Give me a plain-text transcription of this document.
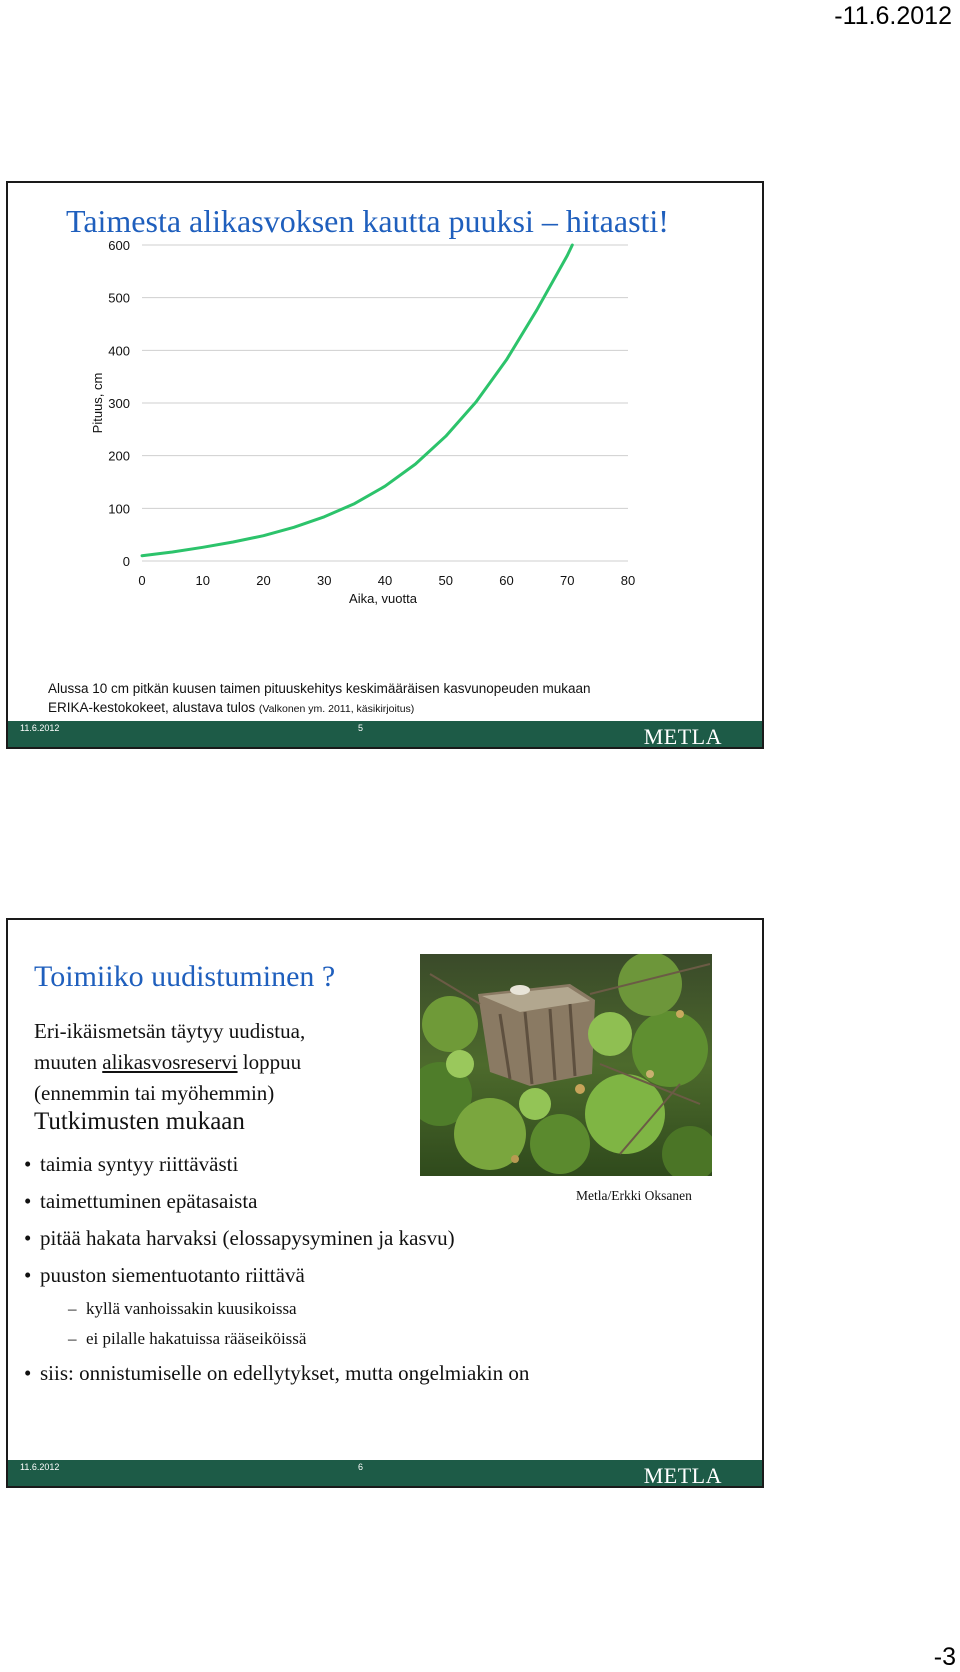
-11.6.2012
Taimesta alikasvoksen kautta puuksi – hitaasti!
0
100
200
300
400
500
600
0	10	20	30	40	50	60	70	80
Aika, vuotta
Pituus, cm
Alussa 10 cm pitkän kuusen taimen pituuskehitys keskimääräisen kasvunopeuden mukaan
ERIKA-kestokokeet, alustava tulos (Valkonen ym. 2011, käsikirjoitus)
11.6.2012	5	METLA
Toimiiko uudistuminen ?
Eri-ikäismetsän täytyy uudistua,
muuten alikasvosreservi loppuu
(ennemmin tai myöhemmin)
Tutkimusten mukaan
• taimia syntyy riittävästi
• taimettuminen epätasaista
• pitää hakata harvaksi (elossapysyminen ja kasvu)
• puuston siementuotanto riittävä
– kyllä vanhoissakin kuusikoissa
– ei pilalle hakatuissa rääseiköissä
• siis: onnistumiselle on edellytykset, mutta ongelmiakin on
Metla/Erkki Oksanen
11.6.2012	6	METLA
-3
